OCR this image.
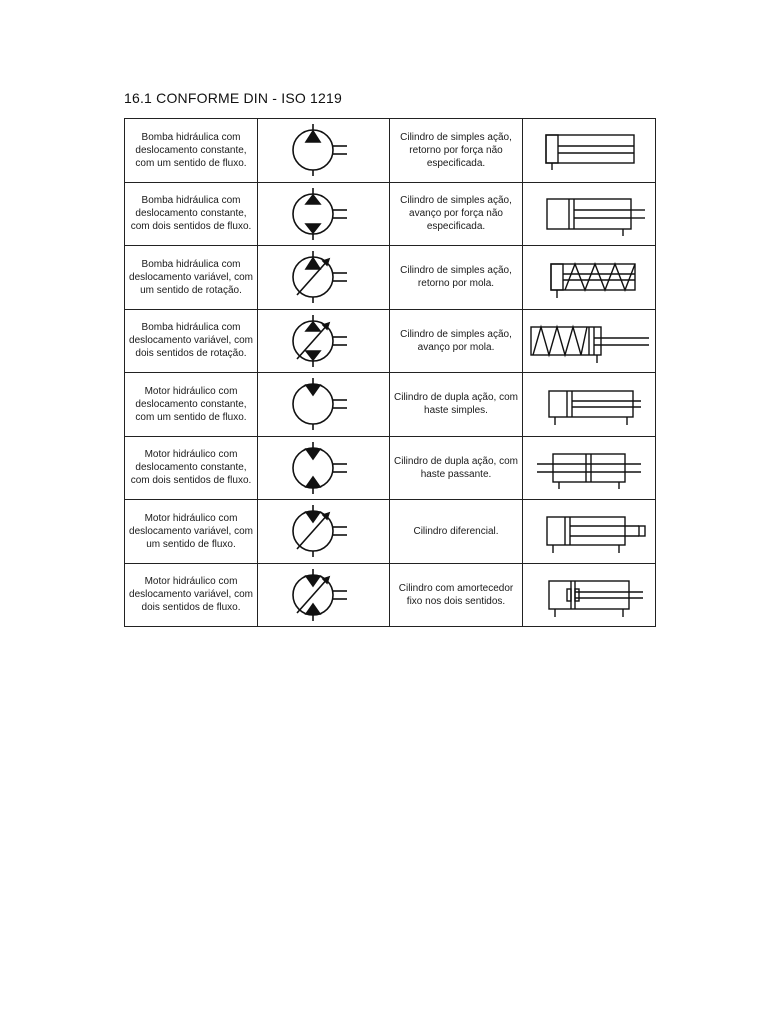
16.1 CONFORME DIN - ISO 1219
Bomba hidráulica com deslocamento constante, com um sentido de fluxo.		Cilindro de simples ação, retorno por força não especificada.	

Bomba hidráulica com deslocamento constante, com dois sentidos de fluxo.		Cilindro de simples ação, avanço por força não especificada.	

Bomba hidráulica com deslocamento variável, com um sentido de rotação.		Cilindro de simples ação, retorno por mola.	

Bomba hidráulica com deslocamento variável, com dois sentidos de rotação.		Cilindro de simples ação, avanço por mola.	

Motor hidráulico com deslocamento constante, com um sentido de fluxo.		Cilindro de dupla ação, com haste simples.	

Motor hidráulico com deslocamento constante, com dois sentidos de fluxo.		Cilindro de dupla ação, com haste passante.	

Motor hidráulico com deslocamento variável, com um sentido de fluxo.		Cilindro diferencial.	

Motor hidráulico com deslocamento variável, com dois sentidos de fluxo.		Cilindro com amortecedor fixo nos dois sentidos.	
